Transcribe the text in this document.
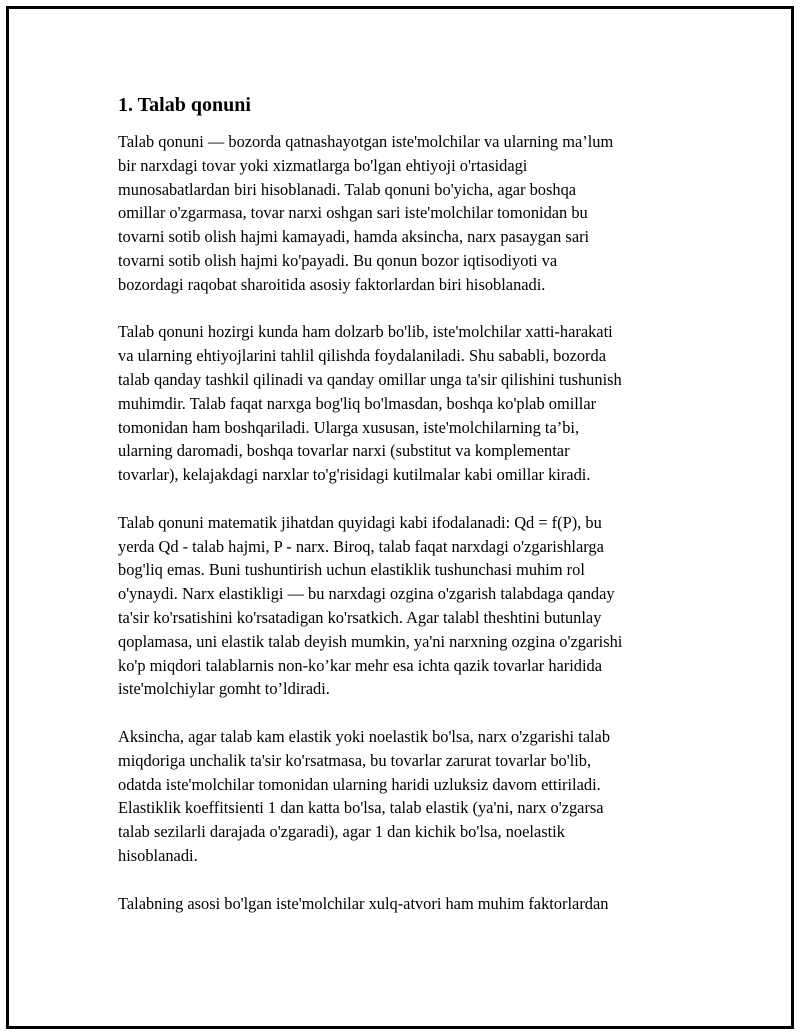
1. Talab qonuni

Talab qonuni — bozorda qatnashayotgan iste'molchilar va ularning ma’lum
bir narxdagi tovar yoki xizmatlarga bo'lgan ehtiyoji o'rtasidagi
munosabatlardan biri hisoblanadi. Talab qonuni bo'yicha, agar boshqa
omillar o'zgarmasa, tovar narxi oshgan sari iste'molchilar tomonidan bu
tovarni sotib olish hajmi kamayadi, hamda aksincha, narx pasaygan sari
tovarni sotib olish hajmi ko'payadi. Bu qonun bozor iqtisodiyoti va
bozordagi raqobat sharoitida asosiy faktorlardan biri hisoblanadi.

Talab qonuni hozirgi kunda ham dolzarb bo'lib, iste'molchilar xatti-harakati
va ularning ehtiyojlarini tahlil qilishda foydalaniladi. Shu sababli, bozorda
talab qanday tashkil qilinadi va qanday omillar unga ta'sir qilishini tushunish
muhimdir. Talab faqat narxga bog'liq bo'lmasdan, boshqa ko'plab omillar
tomonidan ham boshqariladi. Ularga xususan, iste'molchilarning ta’bi,
ularning daromadi, boshqa tovarlar narxi (substitut va komplementar
tovarlar), kelajakdagi narxlar to'g'risidagi kutilmalar kabi omillar kiradi.

Talab qonuni matematik jihatdan quyidagi kabi ifodalanadi: Qd = f(P), bu
yerda Qd - talab hajmi, P - narx. Biroq, talab faqat narxdagi o'zgarishlarga
bog'liq emas. Buni tushuntirish uchun elastiklik tushunchasi muhim rol
o'ynaydi. Narx elastikligi — bu narxdagi ozgina o'zgarish talabdaga qanday
ta'sir ko'rsatishini ko'rsatadigan ko'rsatkich. Agar talabl theshtini butunlay
qoplamasa, uni elastik talab deyish mumkin, ya'ni narxning ozgina o'zgarishi
ko'p miqdori talablarnis non-ko’kar mehr esa ichta qazik tovarlar haridida
iste'molchiylar gomht to’ldiradi.

Aksincha, agar talab kam elastik yoki noelastik bo'lsa, narx o'zgarishi talab
miqdoriga unchalik ta'sir ko'rsatmasa, bu tovarlar zarurat tovarlar bo'lib,
odatda iste'molchilar tomonidan ularning haridi uzluksiz davom ettiriladi.
Elastiklik koeffitsienti 1 dan katta bo'lsa, talab elastik (ya'ni, narx o'zgarsa
talab sezilarli darajada o'zgaradi), agar 1 dan kichik bo'lsa, noelastik
hisoblanadi.

Talabning asosi bo'lgan iste'molchilar xulq-atvori ham muhim faktorlardan
